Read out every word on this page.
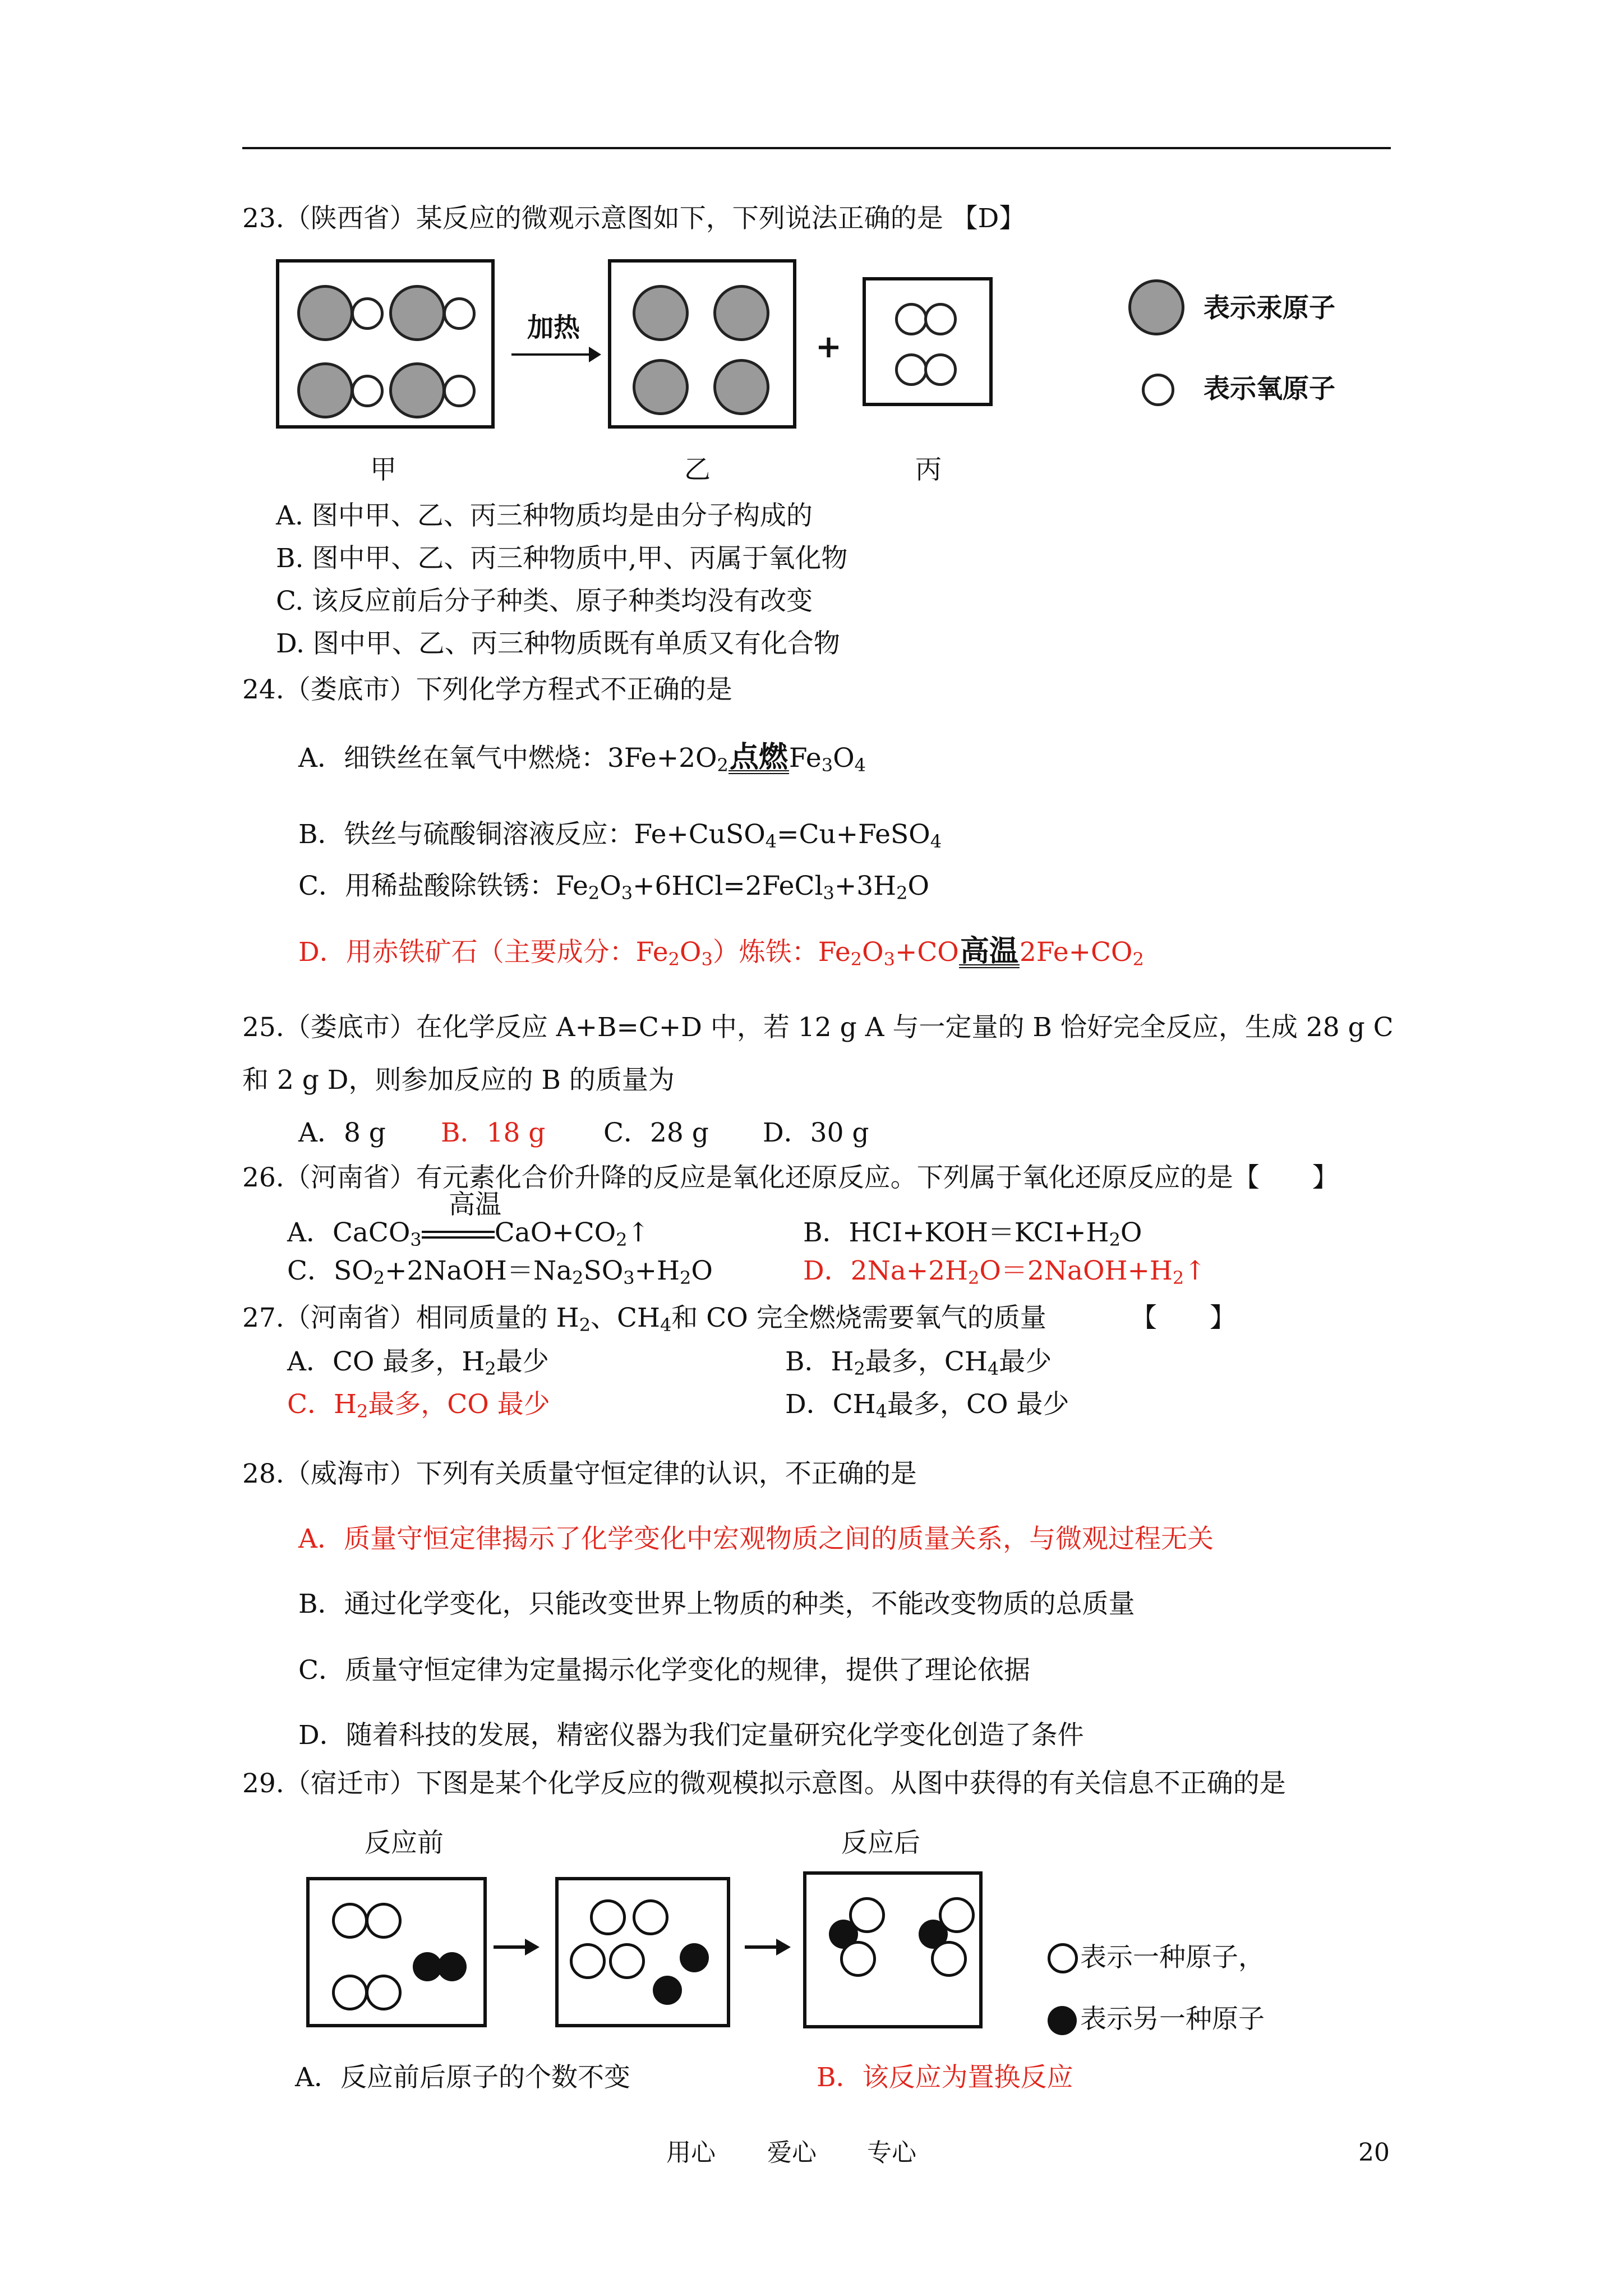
23.（陕西省）某反应的微观示意图如下，下列说法正确的是 【D】
加热
+
表示汞原子
表示氧原子
甲	乙	丙
A. 图中甲、乙、丙三种物质均是由分子构成的
B. 图中甲、乙、丙三种物质中,甲、丙属于氧化物
C. 该反应前后分子种类、原子种类均没有改变
D. 图中甲、乙、丙三种物质既有单质又有化合物
24.（娄底市）下列化学方程式不正确的是
A．细铁丝在氧气中燃烧：$3Fe+2O_2$点燃$Fe_3O_4$
B．铁丝与硫酸铜溶液反应：Fe+CuSO$_4$=Cu+FeSO$_4$
C．用稀盐酸除铁锈：$Fe_2O_3+6HCl=2FeCl_3+3H_2O$
D．用赤铁矿石（主要成分：$Fe_2O_3$）炼铁：$Fe_2O_3+CO$高温$2Fe+CO_2$
25.（娄底市）在化学反应 A+B=C+D 中，若 12 g A 与一定量的 B 恰好完全反应，生成 28 g C
和 2 g D，则参加反应的 B 的质量为
A．8 g B．18 g C．28 g D．30 g
26.（河南省）有元素化合价升降的反应是氧化还原反应。下列属于氧化还原反应的是【　　】
高温
A．CaCO$_3$	$CaO+CO_2↑$	B．$HCI+KOH=KCI+H_2O$
C．$SO_2+2NaOH=Na_2SO_3+H_2O$	D．$2Na+2H_2O=2NaOH+H_2↑$
27.（河南省）相同质量的 $H_2$、$CH_4$和 CO 完全燃烧需要氧气的质量	【　　】
A．CO 最多，$H_2$最少	B．$H_2$最多，$CH_4$最少
C．$H_2$最多，CO 最少	D．$CH_4$最多，CO 最少
28.（威海市）下列有关质量守恒定律的认识，不正确的是
A．质量守恒定律揭示了化学变化中宏观物质之间的质量关系，与微观过程无关
B．通过化学变化，只能改变世界上物质的种类，不能改变物质的总质量
C．质量守恒定律为定量揭示化学变化的规律，提供了理论依据
D．随着科技的发展，精密仪器为我们定量研究化学变化创造了条件
29.（宿迁市）下图是某个化学反应的微观模拟示意图。从图中获得的有关信息不正确的是
反应前	反应后
表示一种原子，
表示另一种原子
A．反应前后原子的个数不变	B．该反应为置换反应
用心 爱心 专心	20
